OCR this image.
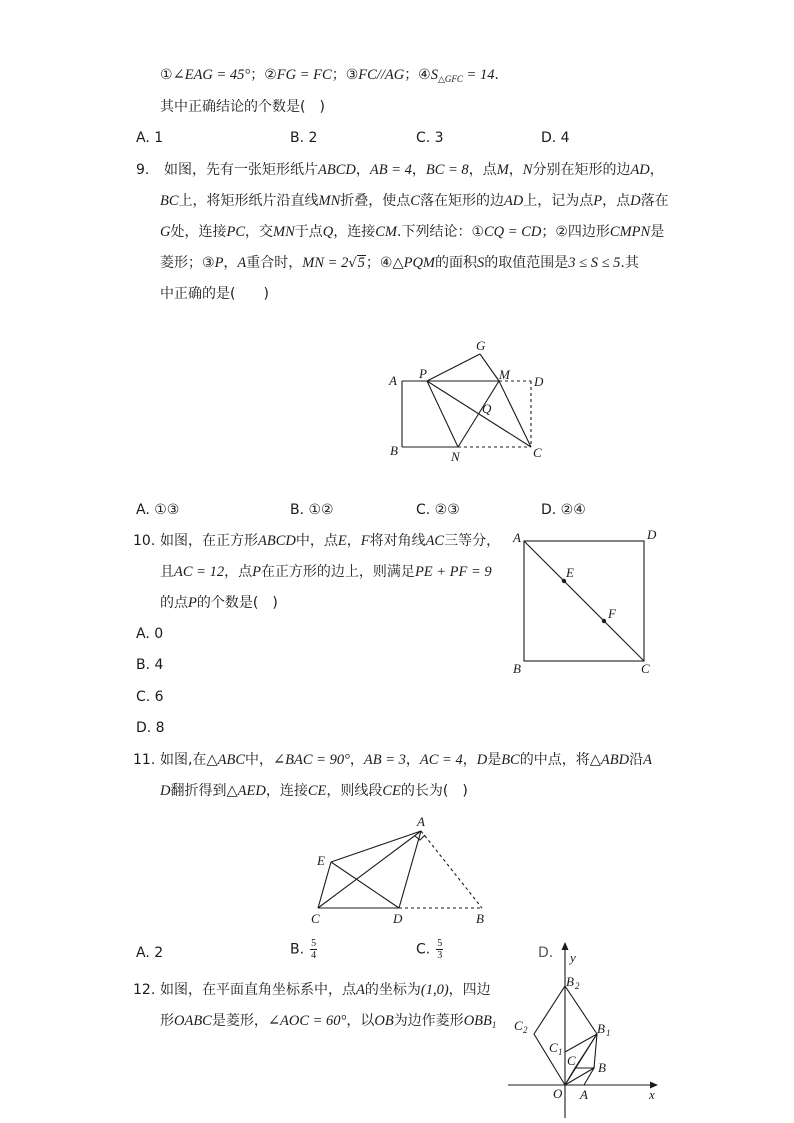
①∠EAG = 45°；②FG = FC；③FC//AG；$④S_{\triangle GFC} = 14$．
其中正确结论的个数是(　)
A. 1	B. 2	C. 3	D. 4
9. 如图，先有一张矩形纸片ABCD，AB = 4，BC = 8，点M，N分别在矩形的边AD，
BC上，将矩形纸片沿直线MN折叠，使点C落在矩形的边AD上，记为点P，点D落在
G处，连接PC，交MN于点Q，连接CM.下列结论：①CQ = CD；②四边形CMPN是
菱形；③P，A重合时，MN = 2√5；④△PQM的面积S的取值范围是3 ≤ S ≤ 5.其
中正确的是(　　)
A P
G
M D
Q
B	N	C
A. ①③	B. ①②	C. ②③	D. ②④
10. 如图，在正方形ABCD中，点E，F将对角线AC三等分，
且AC = 12，点P在正方形的边上，则满足PE + PF = 9
的点P的个数是(　)
A	D
B	C
E
F
A. 0
B. 4
C. 6
D. 8
11. 如图,在△ABC中，∠BAC = 90°，AB = 3，AC = 4，D是BC的中点，将△ABD沿A
D翻折得到△AED，连接CE，则线段CE的长为(　)
A
E
C	D	B
A. 2	B. $\frac{5}{4}$	C. $\frac{5}{3}$	D.
12. 如图，在平面直角坐标系中，点A的坐标为(1,0)，四边
形OABC是菱形，∠AOC = 60°，以OB为边作菱形$OBB_1$
y
x
O A
B
C
C 1
B 1
C 2
B 2
